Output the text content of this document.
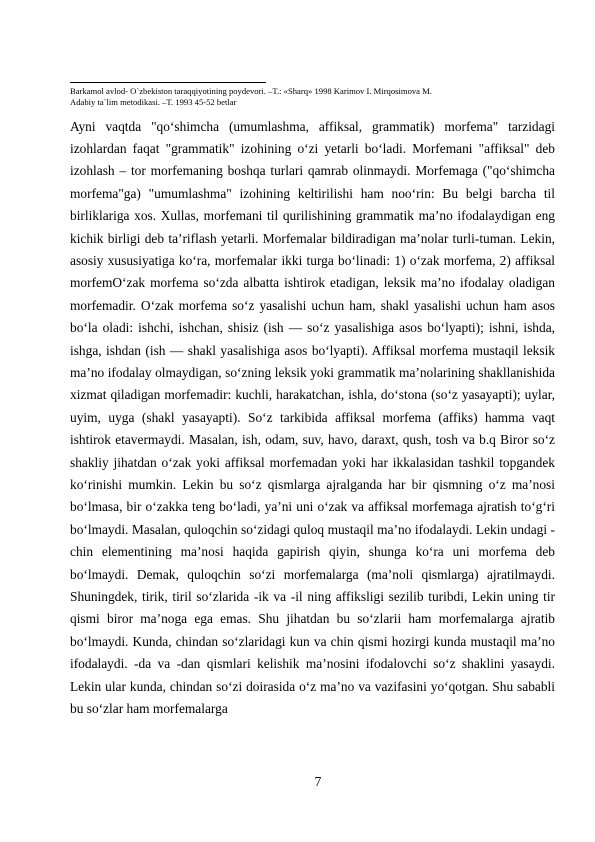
Barkamol avlod- O`zbekiston taraqqiyotining poydevori. –T.: «Sharq» 1998 Karimov I. Mirqosimova M.
Adabiy ta`lim metodikasi. –T. 1993 45-52 betlar

Ayni vaqtda "qo‘shimcha (umumlashma, affiksal, grammatik) morfema" tarzidagi izohlardan faqat "grammatik" izohining o‘zi yetarli bo‘ladi. Morfemani "affiksal" deb izohlash – tor morfemaning boshqa turlari qamrab olinmaydi. Morfemaga ("qo‘shimcha morfema"ga) "umumlashma" izohining keltirilishi ham noo‘rin: Bu belgi barcha til birliklariga xos. Xullas, morfemani til qurilishining grammatik ma’no ifodalaydigan eng kichik birligi deb ta’riflash yetarli. Morfemalar bildiradigan ma’nolar turli-tuman. Lekin, asosiy xususiyatiga ko‘ra, morfemalar ikki turga bo‘linadi: 1) o‘zak morfema, 2) affiksal morfemO‘zak morfema so‘zda albatta ishtirok etadigan, leksik ma’no ifodalay oladigan morfemadir. O‘zak morfema so‘z yasalishi uchun ham, shakl yasalishi uchun ham asos bo‘la oladi: ishchi, ishchan, shisiz (ish — so‘z yasalishiga asos bo‘lyapti); ishni, ishda, ishga, ishdan (ish — shakl yasalishiga asos bo‘lyapti). Affiksal morfema mustaqil leksik ma’no ifodalay olmaydigan, so‘zning leksik yoki grammatik ma’nolarining shakllanishida xizmat qiladigan morfemadir: kuchli, harakatchan, ishla, do‘stona (so‘z yasayapti); uylar, uyim, uyga (shakl yasayapti). So‘z tarkibida affiksal morfema (affiks) hamma vaqt ishtirok etavermaydi. Masalan, ish, odam, suv, havo, daraxt, qush, tosh va b.q Biror so‘z shakliy jihatdan o‘zak yoki affiksal morfemadan yoki har ikkalasidan tashkil topgandek ko‘rinishi mumkin. Lekin bu so‘z qismlarga ajralganda har bir qismning o‘z ma’nosi bo‘lmasa, bir o‘zakka teng bo‘ladi, ya’ni uni o‘zak va affiksal morfemaga ajratish to‘g‘ri bo‘lmaydi. Masalan, quloqchin so‘zidagi quloq mustaqil ma’no ifodalaydi. Lekin undagi -chin elementining ma’nosi haqida gapirish qiyin, shunga ko‘ra uni morfema deb bo‘lmaydi. Demak, quloqchin so‘zi morfemalarga (ma’noli qismlarga) ajratilmaydi. Shuningdek, tirik, tiril so‘zlarida -ik va -il ning affiksligi sezilib turibdi, Lekin uning tir qismi biror ma’noga ega emas. Shu jihatdan bu so‘zlarii ham morfemalarga ajratib bo‘lmaydi. Kunda, chindan so‘zlaridagi kun va chin qismi hozirgi kunda mustaqil ma’no ifodalaydi. -da va -dan qismlari kelishik ma’nosini ifodalovchi so‘z shaklini yasaydi. Lekin ular kunda, chindan so‘zi doirasida o‘z ma’no va vazifasini yo‘qotgan. Shu sababli bu so‘zlar ham morfemalarga

7
